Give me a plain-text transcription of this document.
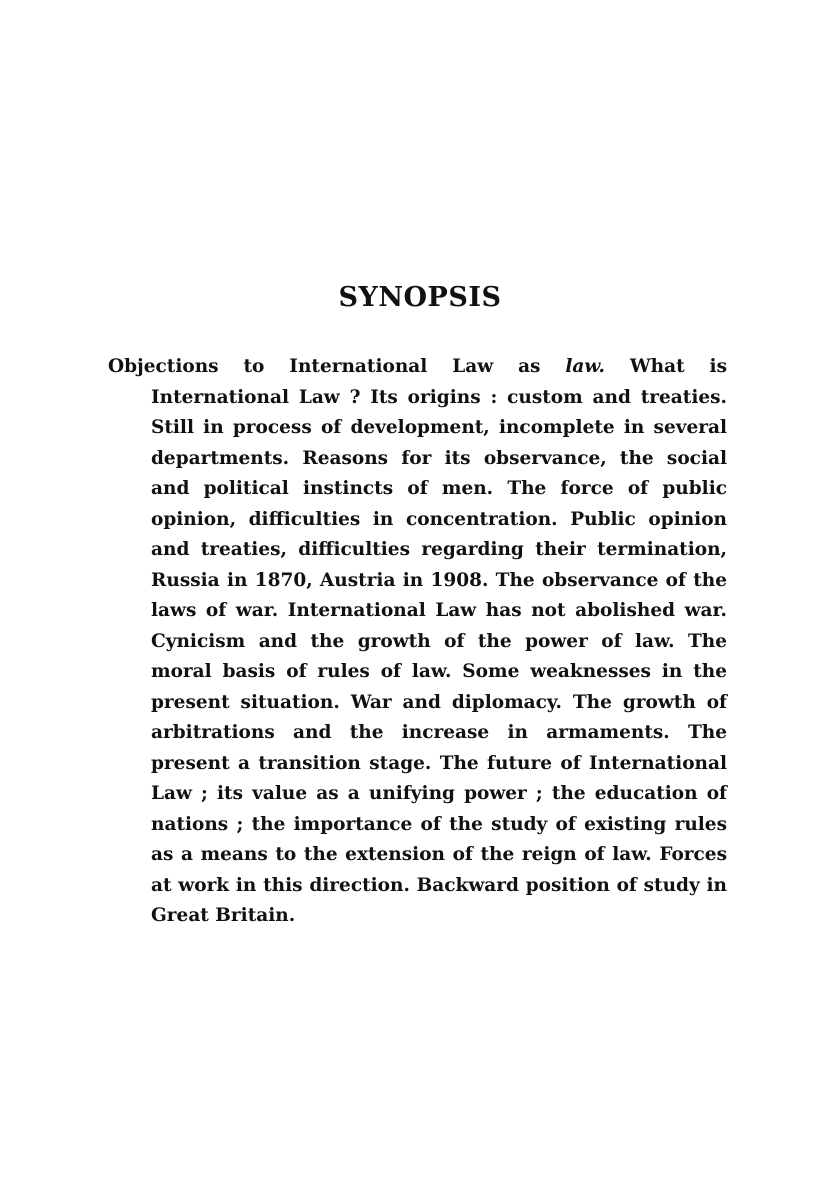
SYNOPSIS

Objections to International Law as law. What is International Law ? Its origins : custom and treaties. Still in process of development, incomplete in several departments. Reasons for its observance, the social and political instincts of men. The force of public opinion, difficulties in concentration. Public opinion and treaties, difficulties regarding their termination, Russia in 1870, Austria in 1908. The observance of the laws of war. International Law has not abolished war. Cynicism and the growth of the power of law. The moral basis of rules of law. Some weaknesses in the present situation. War and diplomacy. The growth of arbitrations and the increase in armaments. The present a transition stage. The future of International Law ; its value as a unifying power ; the education of nations ; the importance of the study of existing rules as a means to the extension of the reign of law. Forces at work in this direction. Backward position of study in Great Britain.
